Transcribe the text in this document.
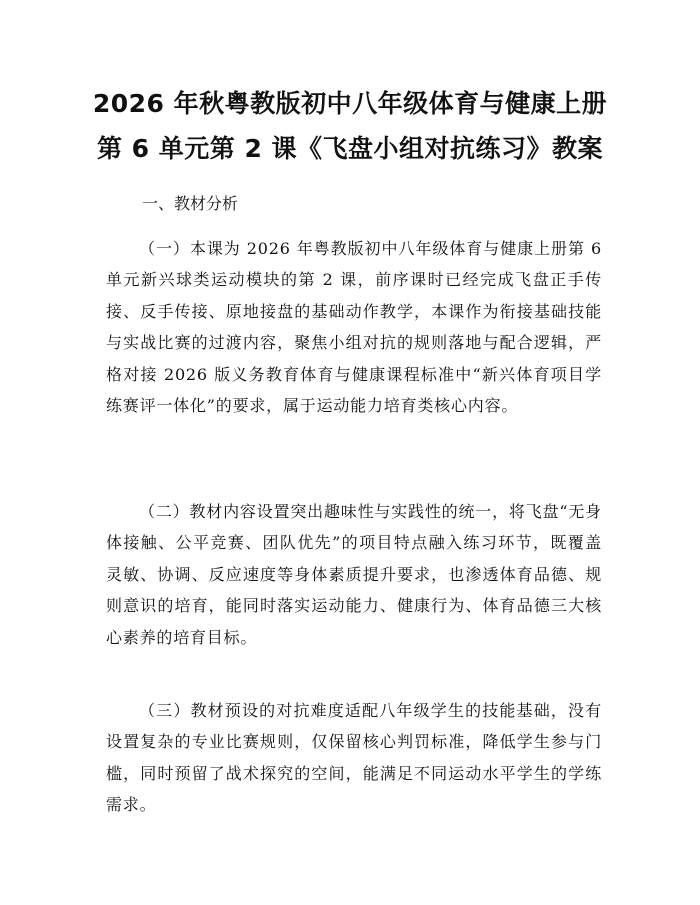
2026 年秋粤教版初中八年级体育与健康上册
第 6 单元第 2 课《飞盘小组对抗练习》教案
一、教材分析

（一）本课为 2026 年粤教版初中八年级体育与健康上册第 6 单元新兴球类运动模块的第 2 课，前序课时已经完成飞盘正手传接、反手传接、原地接盘的基础动作教学，本课作为衔接基础技能与实战比赛的过渡内容，聚焦小组对抗的规则落地与配合逻辑，严格对接 2026 版义务教育体育与健康课程标准中“新兴体育项目学练赛评一体化”的要求，属于运动能力培育类核心内容。

（二）教材内容设置突出趣味性与实践性的统一，将飞盘“无身体接触、公平竞赛、团队优先”的项目特点融入练习环节，既覆盖灵敏、协调、反应速度等身体素质提升要求，也渗透体育品德、规则意识的培育，能同时落实运动能力、健康行为、体育品德三大核心素养的培育目标。

（三）教材预设的对抗难度适配八年级学生的技能基础，没有设置复杂的专业比赛规则，仅保留核心判罚标准，降低学生参与门槛，同时预留了战术探究的空间，能满足不同运动水平学生的学练需求。
